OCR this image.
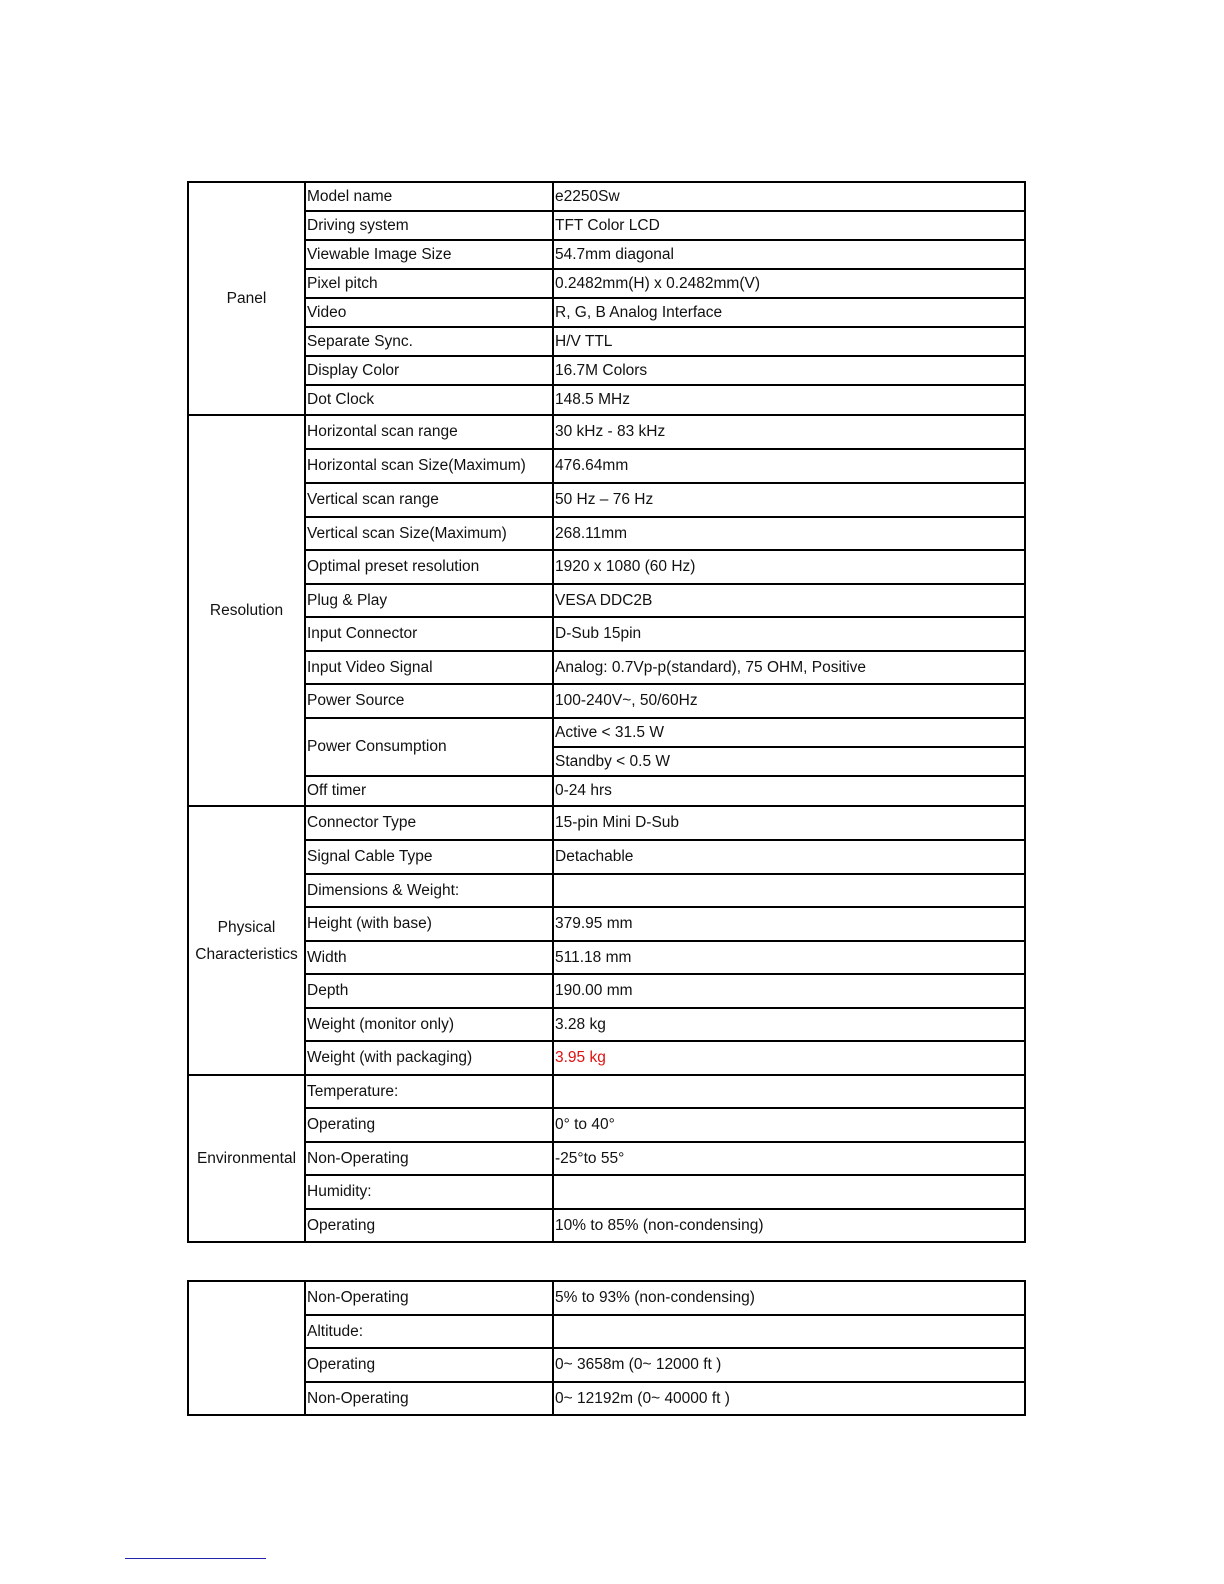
Panel	Model name	e2250Sw
	Driving system	TFT Color LCD
	Viewable Image Size	54.7mm diagonal
	Pixel pitch	0.2482mm(H) x 0.2482mm(V)
	Video	R, G, B Analog Interface
	Separate Sync.	H/V TTL
	Display Color	16.7M Colors
	Dot Clock	148.5 MHz
Resolution	Horizontal scan range	30 kHz - 83 kHz
	Horizontal scan Size(Maximum)	476.64mm
	Vertical scan range	50 Hz – 76 Hz
	Vertical scan Size(Maximum)	268.11mm
	Optimal preset resolution	1920 x 1080 (60 Hz)
	Plug & Play	VESA DDC2B
	Input Connector	D-Sub 15pin
	Input Video Signal	Analog: 0.7Vp-p(standard), 75 OHM, Positive
	Power Source	100-240V~, 50/60Hz
	Power Consumption	Active < 31.5 W
		Standby < 0.5 W
	Off timer	0-24 hrs
Physical
Characteristics	Connector Type	15-pin Mini D-Sub
	Signal Cable Type	Detachable
	Dimensions & Weight:	
	Height (with base)	379.95 mm
	Width	511.18 mm
	Depth	190.00 mm
	Weight (monitor only)	3.28 kg
	Weight (with packaging)	3.95 kg
Environmental	Temperature:	
	Operating	0° to 40°
	Non-Operating	-25°to 55°
	Humidity:	
	Operating	10% to 85% (non-condensing)
	Non-Operating	5% to 93% (non-condensing)
	Altitude:	
	Operating	0~ 3658m (0~ 12000 ft )
	Non-Operating	0~ 12192m (0~ 40000 ft )
